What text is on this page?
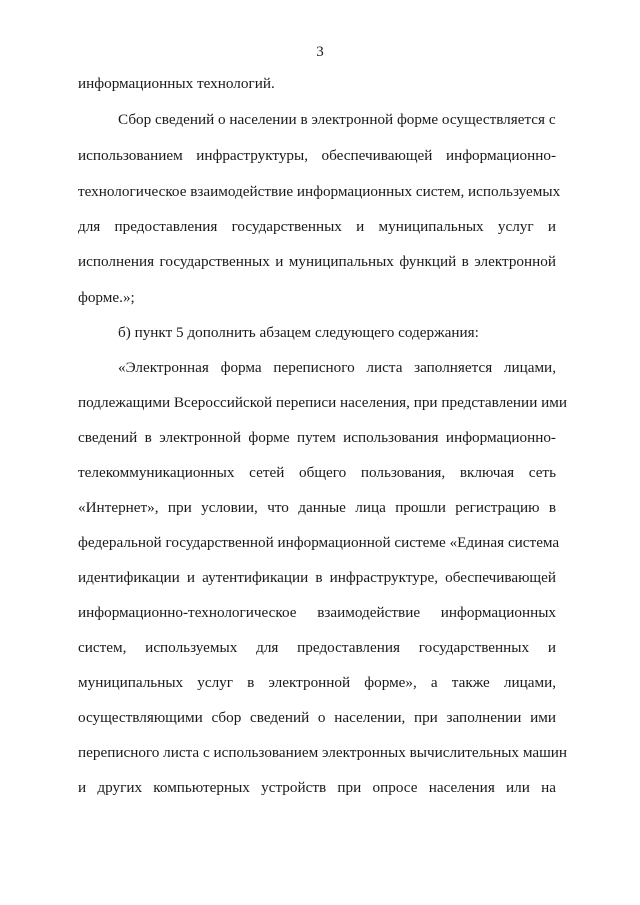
3
информационных технологий.
Сбор сведений о населении в электронной форме осуществляется с
использованием инфраструктуры, обеспечивающей информационно-
технологическое взаимодействие информационных систем, используемых
для предоставления государственных и муниципальных услуг и
исполнения государственных и муниципальных функций в электронной
форме.»;
б) пункт 5 дополнить абзацем следующего содержания:
«Электронная форма переписного листа заполняется лицами,
подлежащими Всероссийской переписи населения, при представлении ими
сведений в электронной форме путем использования информационно-
телекоммуникационных сетей общего пользования, включая сеть
«Интернет», при условии, что данные лица прошли регистрацию в
федеральной государственной информационной системе «Единая система
идентификации и аутентификации в инфраструктуре, обеспечивающей
информационно-технологическое взаимодействие информационных
систем, используемых для предоставления государственных и
муниципальных услуг в электронной форме», а также лицами,
осуществляющими сбор сведений о населении, при заполнении ими
переписного листа с использованием электронных вычислительных машин
и других компьютерных устройств при опросе населения или на
